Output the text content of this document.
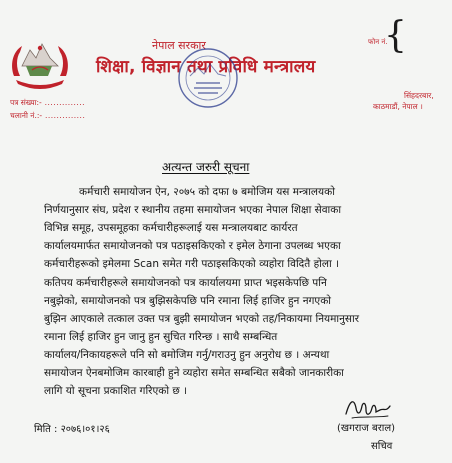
नेपाल सरकार
शिक्षा, विज्ञान तथा प्रविधि मन्त्रालय
फोन नं.
{
सिंहदरबार,
काठमाडौं, नेपाल ।
पत्र संख्या:- ..............
चलानी नं.:- ..............
अत्यन्त जरुरी सूचना
कर्मचारी समायोजन ऐन, २०७५ को दफा ७ बमोजिम यस मन्त्रालयको
निर्णयानुसार संघ, प्रदेश र स्थानीय तहमा समायोजन भएका नेपाल शिक्षा सेवाका
विभिन्न समूह, उपसमूहका कर्मचारीहरूलाई यस मन्त्रालयबाट कार्यरत
कार्यालयमार्फत समायोजनको पत्र पठाइसकिएको र इमेल ठेगाना उपलब्ध भएका
कर्मचारीहरूको इमेलमा Scan समेत गरी पठाइसकिएको व्यहोरा विदितै होला ।
कतिपय कर्मचारीहरूले समायोजनको पत्र कार्यालयमा प्राप्त भइसकेपछि पनि
नबुझेको, समायोजनको पत्र बुझिसकेपछि पनि रमाना लिई हाजिर हुन नगएको
बुझिन आएकाले तत्काल उक्त पत्र बुझी समायोजन भएको तह/निकायमा नियमानुसार
रमाना लिई हाजिर हुन जानु हुन सुचित गरिन्छ । साथै सम्बन्धित
कार्यालय/निकायहरूले पनि सो बमोजिम गर्नु/गराउनु हुन अनुरोध छ । अन्यथा
समायोजन ऐनबमोजिम कारबाही हुने व्यहोरा समेत सम्बन्धित सबैको जानकारीका
लागि यो सूचना प्रकाशित गरिएको छ ।
मिति : २०७६।०१।२६	(खगराज बराल)
सचिव
